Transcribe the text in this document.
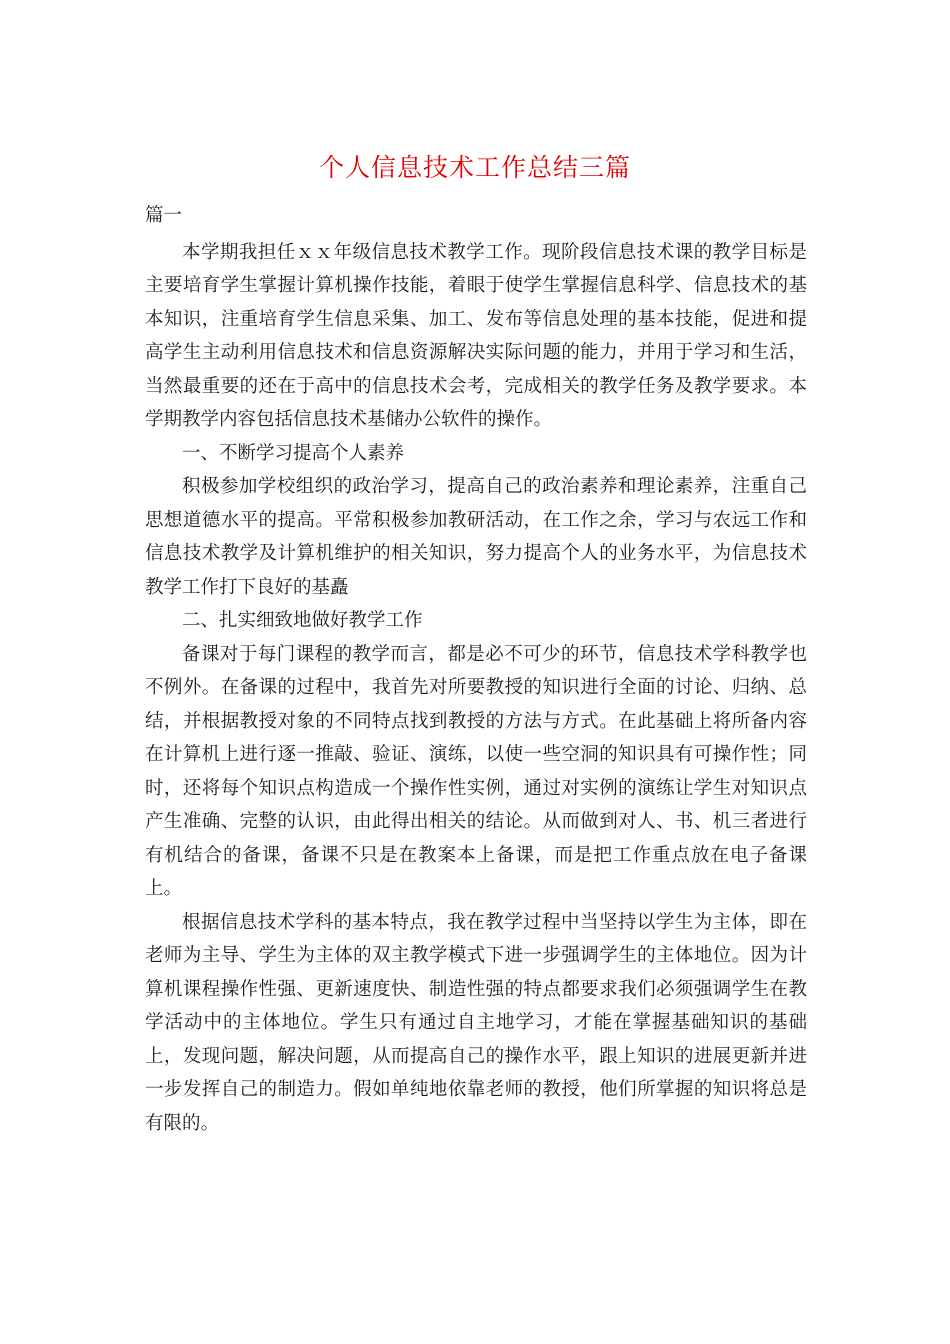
个人信息技术工作总结三篇

篇一

本学期我担任ｘｘ年级信息技术教学工作。现阶段信息技术课的教学目标是主要培育学生掌握计算机操作技能，着眼于使学生掌握信息科学、信息技术的基本知识，注重培育学生信息采集、加工、发布等信息处理的基本技能，促进和提高学生主动利用信息技术和信息资源解决实际问题的能力，并用于学习和生活，当然最重要的还在于高中的信息技术会考，完成相关的教学任务及教学要求。本学期教学内容包括信息技术基储办公软件的操作。

一、不断学习提高个人素养

积极参加学校组织的政治学习，提高自己的政治素养和理论素养，注重自己思想道德水平的提高。平常积极参加教研活动，在工作之余，学习与农远工作和信息技术教学及计算机维护的相关知识，努力提高个人的业务水平，为信息技术教学工作打下良好的基矗

二、扎实细致地做好教学工作

备课对于每门课程的教学而言，都是必不可少的环节，信息技术学科教学也不例外。在备课的过程中，我首先对所要教授的知识进行全面的讨论、归纳、总结，并根据教授对象的不同特点找到教授的方法与方式。在此基础上将所备内容在计算机上进行逐一推敲、验证、演练，以使一些空洞的知识具有可操作性；同时，还将每个知识点构造成一个操作性实例，通过对实例的演练让学生对知识点产生准确、完整的认识，由此得出相关的结论。从而做到对人、书、机三者进行有机结合的备课，备课不只是在教案本上备课，而是把工作重点放在电子备课上。

根据信息技术学科的基本特点，我在教学过程中当坚持以学生为主体，即在老师为主导、学生为主体的双主教学模式下进一步强调学生的主体地位。因为计算机课程操作性强、更新速度快、制造性强的特点都要求我们必须强调学生在教学活动中的主体地位。学生只有通过自主地学习，才能在掌握基础知识的基础上，发现问题，解决问题，从而提高自己的操作水平，跟上知识的进展更新并进一步发挥自己的制造力。假如单纯地依靠老师的教授，他们所掌握的知识将总是有限的。
